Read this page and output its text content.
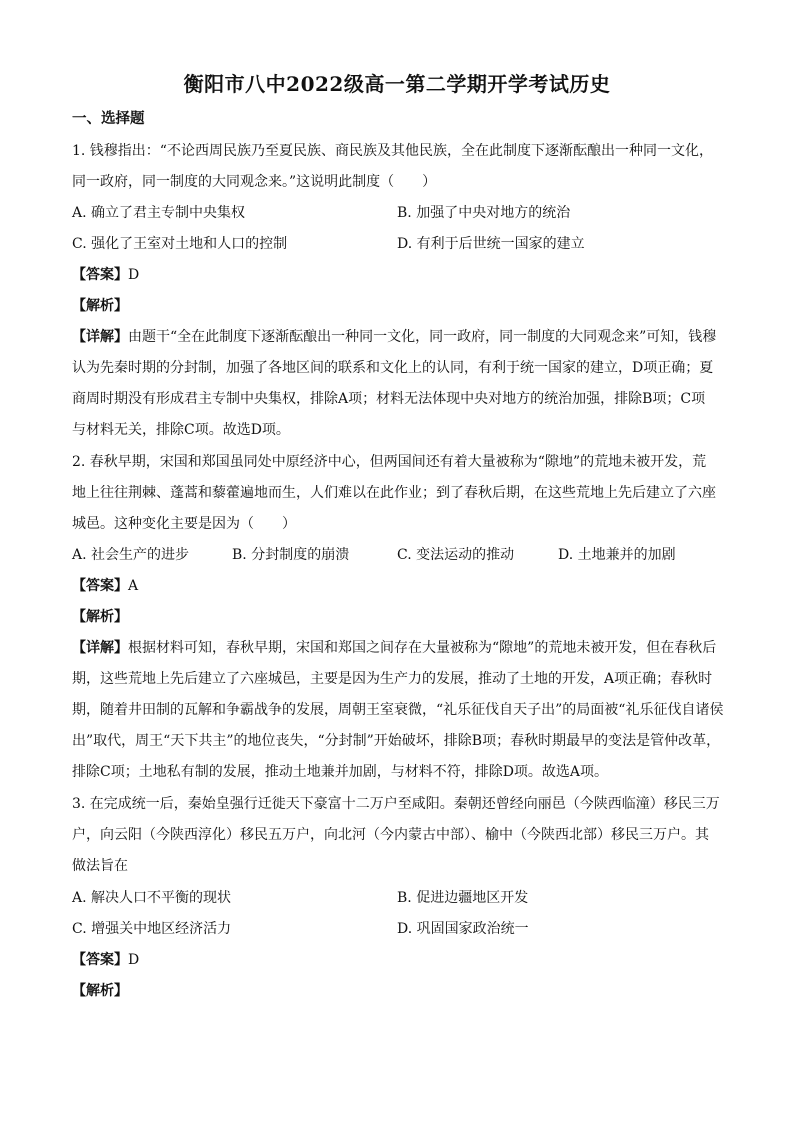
衡阳市八中2022级高一第二学期开学考试历史
一、选择题
1. 钱穆指出：“不论西周民族乃至夏民族、商民族及其他民族，全在此制度下逐渐酝酿出一种同一文化，
同一政府，同一制度的大同观念来。”这说明此制度（　　）
A. 确立了君主专制中央集权	B. 加强了中央对地方的统治
C. 强化了王室对土地和人口的控制	D. 有利于后世统一国家的建立
【答案】D
【解析】
【详解】由题干“全在此制度下逐渐酝酿出一种同一文化，同一政府，同一制度的大同观念来”可知，钱穆
认为先秦时期的分封制，加强了各地区间的联系和文化上的认同，有利于统一国家的建立，D项正确；夏
商周时期没有形成君主专制中央集权，排除A项；材料无法体现中央对地方的统治加强，排除B项；C项
与材料无关，排除C项。故选D项。
2. 春秋早期，宋国和郑国虽同处中原经济中心，但两国间还有着大量被称为“隙地”的荒地未被开发，荒
地上往往荆棘、蓬蒿和藜藿遍地而生，人们难以在此作业；到了春秋后期，在这些荒地上先后建立了六座
城邑。这种变化主要是因为（　　）
A. 社会生产的进步	B. 分封制度的崩溃	C. 变法运动的推动	D. 土地兼并的加剧
【答案】A
【解析】
【详解】根据材料可知，春秋早期，宋国和郑国之间存在大量被称为“隙地”的荒地未被开发，但在春秋后
期，这些荒地上先后建立了六座城邑，主要是因为生产力的发展，推动了土地的开发，A项正确；春秋时
期，随着井田制的瓦解和争霸战争的发展，周朝王室衰微，“礼乐征伐自天子出”的局面被“礼乐征伐自诸侯
出”取代，周王“天下共主”的地位丧失，“分封制”开始破坏，排除B项；春秋时期最早的变法是管仲改革，
排除C项；土地私有制的发展，推动土地兼并加剧，与材料不符，排除D项。故选A项。
3. 在完成统一后，秦始皇强行迁徙天下豪富十二万户至咸阳。秦朝还曾经向丽邑（今陕西临潼）移民三万
户，向云阳（今陕西淳化）移民五万户，向北河（今内蒙古中部）、榆中（今陕西北部）移民三万户。其
做法旨在
A. 解决人口不平衡的现状	B. 促进边疆地区开发
C. 增强关中地区经济活力	D. 巩固国家政治统一
【答案】D
【解析】
